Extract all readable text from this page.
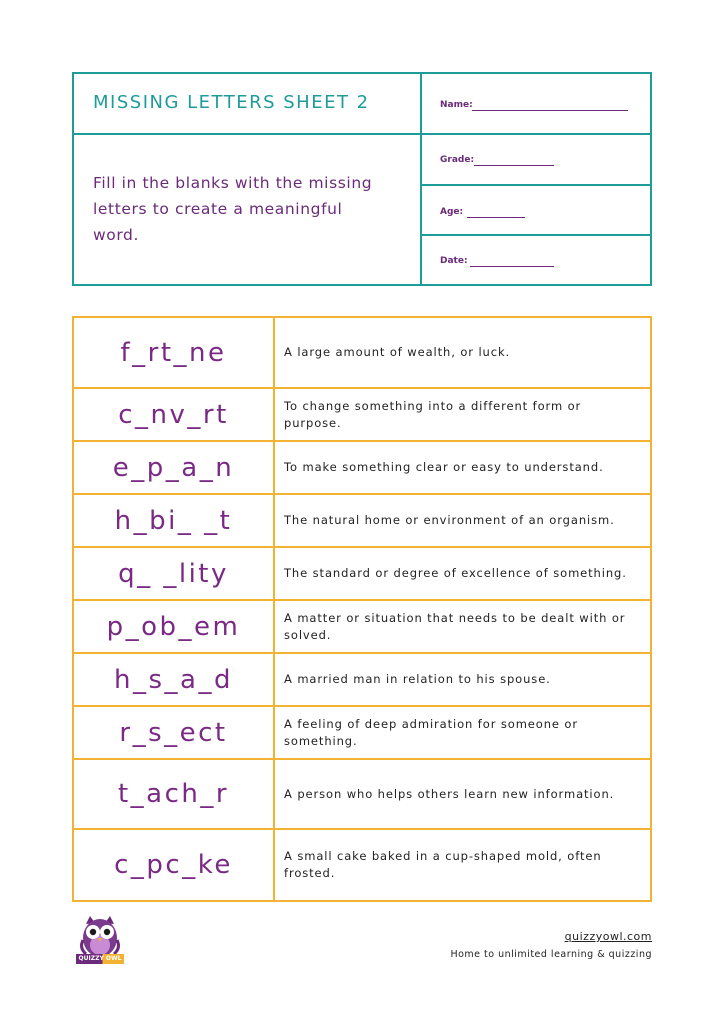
MISSING LETTERS SHEET 2
Fill in the blanks with the missing letters to create a meaningful word.
Name:
Grade:
Age:
Date:
f_rt_ne	A large amount of wealth, or luck.
c_nv_rt	To change something into a different form or purpose.
e_p_a_n	To make something clear or easy to understand.
h_bi_ _t	The natural home or environment of an organism.
q_ _lity	The standard or degree of excellence of something.
p_ob_em	A matter or situation that needs to be dealt with or solved.
h_s_a_d	A married man in relation to his spouse.
r_s_ect	A feeling of deep admiration for someone or something.
t_ach_r	A person who helps others learn new information.
c_pc_ke	A small cake baked in a cup-shaped mold, often frosted.
QUIZZY OWL
quizzyowl.com
Home to unlimited learning & quizzing
